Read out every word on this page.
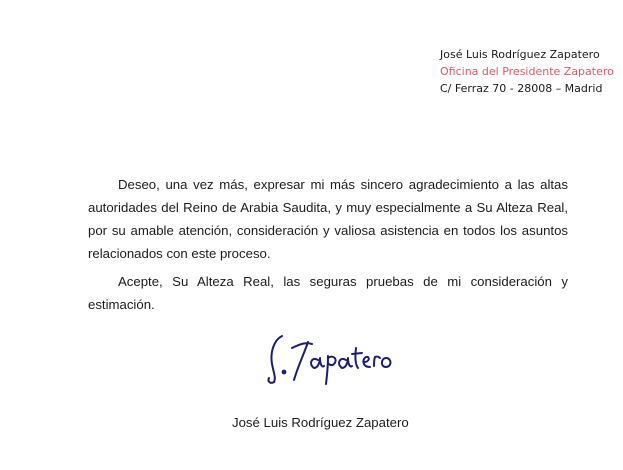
José Luis Rodríguez Zapatero
Oficina del Presidente Zapatero
C/ Ferraz 70 - 28008 – Madrid

Deseo, una vez más, expresar mi más sincero agradecimiento a las altas autoridades del Reino de Arabia Saudita, y muy especialmente a Su Alteza Real, por su amable atención, consideración y valiosa asistencia en todos los asuntos relacionados con este proceso.

Acepte, Su Alteza Real, las seguras pruebas de mi consideración y estimación.

José Luis Rodríguez Zapatero
